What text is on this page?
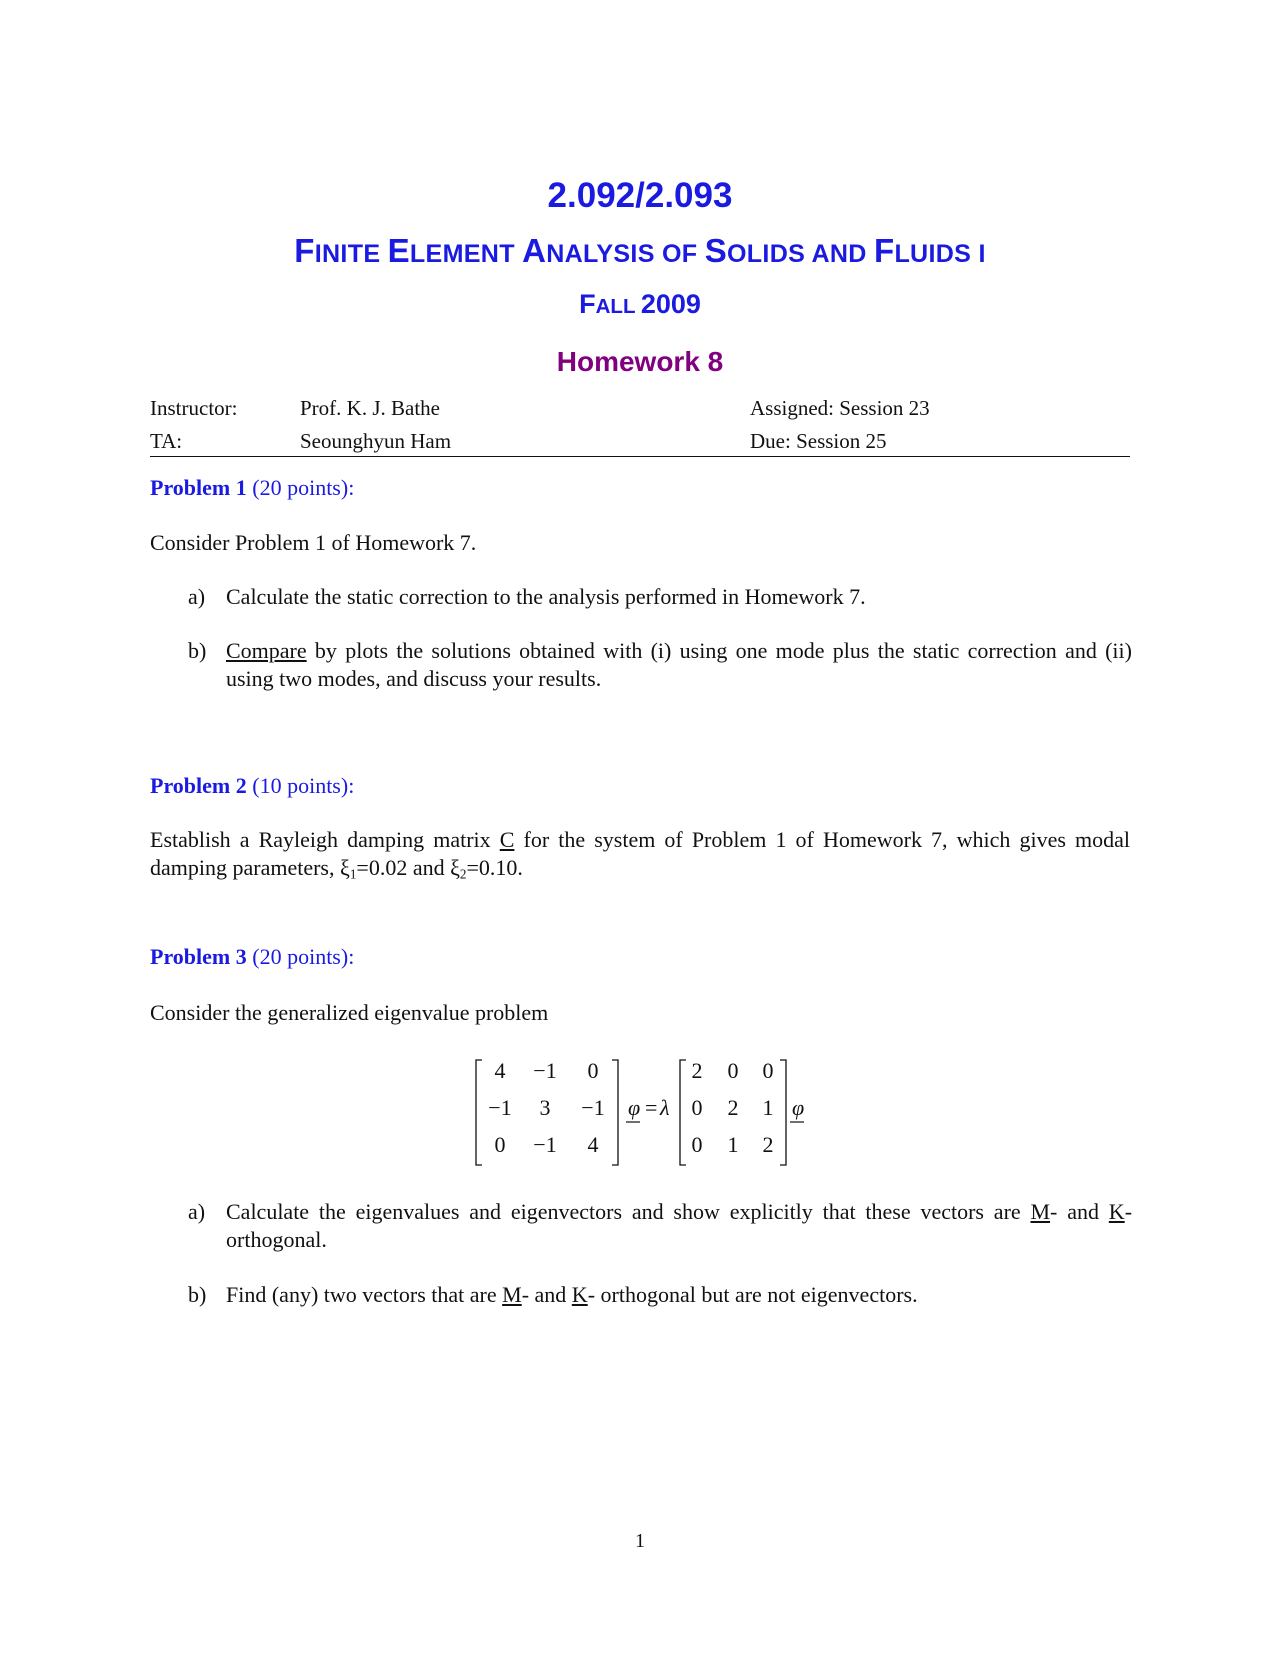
2.092/2.093
FINITE ELEMENT ANALYSIS OF SOLIDS AND FLUIDS I
FALL 2009
Homework 8
Instructor:	Prof. K. J. Bathe	Assigned: Session 23
TA:	Seounghyun Ham	Due: Session 25
Problem 1 (20 points):
Consider Problem 1 of Homework 7.
a) Calculate the static correction to the analysis performed in Homework 7.
b) Compare by plots the solutions obtained with (i) using one mode plus the static correction and (ii) using two modes, and discuss your results.
Problem 2 (10 points):
Establish a Rayleigh damping matrix C for the system of Problem 1 of Homework 7, which gives modal damping parameters, $\xi_1=0.02$ and $\xi_2=0.10$.
Problem 3 (20 points):
Consider the generalized eigenvalue problem
4 −1 0
−1 3 −1
0 −1 4
φ = λ
2 0 0
0 2 1
0 1 2
φ
a) Calculate the eigenvalues and eigenvectors and show explicitly that these vectors are M- and K- orthogonal.
b) Find (any) two vectors that are M- and K- orthogonal but are not eigenvectors.
1
